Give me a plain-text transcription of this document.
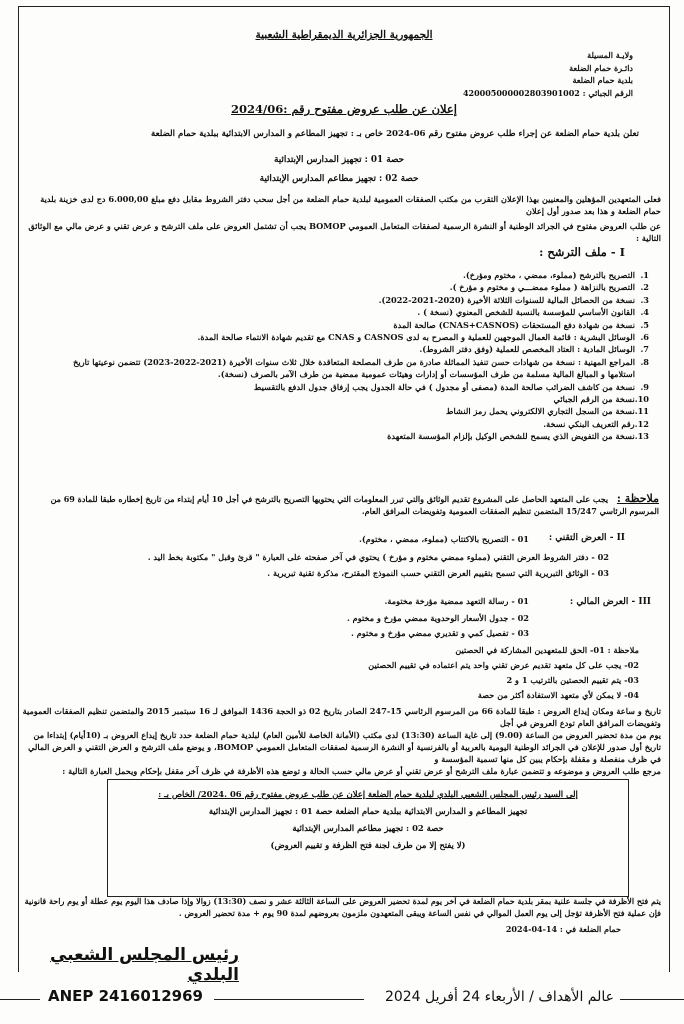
الجمهورية الجزائرية الديمقراطية الشعبية
ولايـة المسيلة
دائـرة حمام الضلعة
بلدية حمام الضلعة
الرقم الجبائي : 420005000002803901002
إعلان عن طلب عروض مفتوح رقم :2024/06
تعلن بلدية حمام الضلعة عن إجراء طلب عروض مفتوح رقم 06-2024 خاص بـ : تجهيز المطاعم و المدارس الابتدائية ببلدية حمام الضلعة
حصة 01 : تجهيز المدارس الإبتدائية
حصة 02 : تجهيز مطاعم المدارس الإبتدائية
فعلى المتعهدين المؤهلين والمعنيين بهذا الإعلان التقرب من مكتب الصفقات العمومية لبلدية حمام الضلعة من أجل سحب دفتر الشروط مقابل دفع مبلغ 6.000,00 دج لدى خزينة بلدية حمام الضلعة و هذا بعد صدور أول إعلان
عن طلب العروض مفتوح في الجرائد الوطنية أو النشرة الرسمية لصفقات المتعامل العمومي BOMOP يجب أن تشتمل العروض على ملف الترشح و عرض تقني و عرض مالي مع الوثائق التالية :
I - ملف الترشح :
1.
التصريح بالترشح (مملوء، ممضي ، مختوم ومؤرخ).
2.
التصريح بالنزاهة ( مملوء ممضـــي و مختوم و مؤرخ ).
3.
نسخة من الحصائل المالية للسنوات الثلاثة الأخيرة (2020-2021-2022).
4.
القانون الأساسي للمؤسسة بالنسبة للشخص المعنوي (نسخة ) .
5.
نسخة من شهادة دفع المستحقات (CNAS+CASNOS) صالحة المدة
6.
الوسائل البشرية : قائمة العمال الموجهين للعملية و المصرح به لدى CASNOS و CNAS مع تقديم شهادة الانتماء صالحة المدة.
7.
الوسائل المادية : العتاد المخصص للعملية (وفق دفتر الشروط).
8.
المراجع المهنية : نسخة من شهادات حسن تنفيذ المماثلة صادرة من طرف المصلحة المتعاقدة خلال ثلاث سنوات الأخيرة (2021-2022-2023) تتضمن نوعيتها تاريخ استلامها و المبالغ المالية مسلمة من طرف المؤسسات أو إدارات وهيئات عمومية ممضية من طرف الآمر بالصرف (نسخة).
9.
نسخة من كاشف الضرائب صالحة المدة (مصفى أو مجدول ) في حالة الجدول يجب إرفاق جدول الدفع بالتقسيط
10.
نسخة من الرقم الجبائي
11.
نسخة من السجل التجاري الالكتروني يحمل رمز النشاط
12.
رقم التعريف البنكي نسخة.
13.
نسخة من التفويض الذي يسمح للشخص الوكيل بإلزام المؤسسة المتعهدة
ملاحظة : يجب على المتعهد الحاصل على المشروع تقديم الوثائق والتي تبرر المعلومات التي يحتويها التصريح بالترشح في أجل 10 أيام إبتداء من تاريخ إخطاره طبقا للمادة 69 من المرسوم الرئاسي 15/247 المتضمن تنظيم الصفقات العمومية وتفويضات المرافق العام.
II - العرض التقني :
01 - التصريح بالاكتتاب (مملوء، ممضي ، مختوم).
02 - دفتر الشروط العرض التقني (مملوء ممضي مختوم و مؤرخ ) يحتوي في آخر صفحته على العبارة " قرئ وقبل " مكتوبة بخط اليد .
03 - الوثائق التبريرية التي تسمح بتقييم العرض التقني حسب النموذج المقترح، مذكرة تقنية تبريرية .
III - العرض المالي :
01 - رسالة التعهد ممضية مؤرخة مختومة.
02 - جدول الأسعار الوحدوية ممضي مؤرخ و مختوم .
03 - تفصيل كمي و تقديري ممضي مؤرخ و مختوم .
ملاحظة : 01- الحق للمتعهدين المشاركة في الحصتين
02- يجب على كل متعهد تقديم عرض تقني واحد يتم اعتماده في تقييم الحصتين
03- يتم تقييم الحصتين بالترتيب 1 و 2
04- لا يمكن لأي متعهد الاستفادة أكثر من حصة
تاريخ و ساعة ومكان إيداع العروض : طبقا للمادة 66 من المرسوم الرئاسي 15-247 الصادر بتاريخ 02 ذو الحجة 1436 الموافق لـ 16 سبتمبر 2015 والمتضمن تنظيم الصفقات العمومية وتفويضات المرافق العام تودع العروض في أجل
يوم من مدة تحضير العروض من الساعة (9.00) إلى غاية الساعة (13:30) لدى مكتب (الأمانة الخاصة للأمين العام) لبلدية حمام الضلعة حدد تاريخ إيداع العروض بـ (10أيام) إبتداءا من تاريخ أول صدور للإعلان في الجرائد الوطنية اليومية بالعربية أو بالفرنسية أو النشرة الرسمية لصفقات المتعامل العمومي BOMOP، و يوضع ملف الترشح و العرض التقني و العرض المالي في ظرف منفصلة و مقفلة بإحكام يبين كل منها تسمية المؤسسة و
مرجع طلب العروض و موضوعه و تتضمن عبارة ملف الترشح أو عرض تقني أو عرض مالي حسب الحالة و توضع هذه الأظرفة في ظرف آخر مقفل بإحكام ويحمل العبارة التالية :
إلى السيد رئيس المجلس الشعبي البلدي لبلدية حمام الضلعة إعلان عن طلب عروض مفتوح رقم 06 .2024/ الخاص بـ :
تجهيز المطاعم و المدارس الابتدائية ببلدية حمام الضلعة حصة 01 : تجهيز المدارس الإبتدائية
حصة 02 : تجهيز مطاعم المدارس الإبتدائية
(لا يفتح إلا من طرف لجنة فتح الظرفة و تقييم العروض)
يتم فتح الأظرفة في جلسة علنية بمقر بلدية حمام الضلعة في آخر يوم لمدة تحضير العروض على الساعة الثالثة عشر و نصف (13:30) زوالا وإذا صادف هذا اليوم يوم عطلة أو يوم راحة قانونية فإن عملية فتح الأظرفة تؤجل إلى يوم العمل الموالي في نفس الساعة ويبقى المتعهدون ملزمون بعروضهم لمدة 90 يوم + مدة تحضير العروض .
حمام الضلعة في : 14-04-2024
رئيس المجلس الشعبي البلدي
ANEP 2416012969	عالم الأهداف / الأربعاء 24 أفريل 2024
